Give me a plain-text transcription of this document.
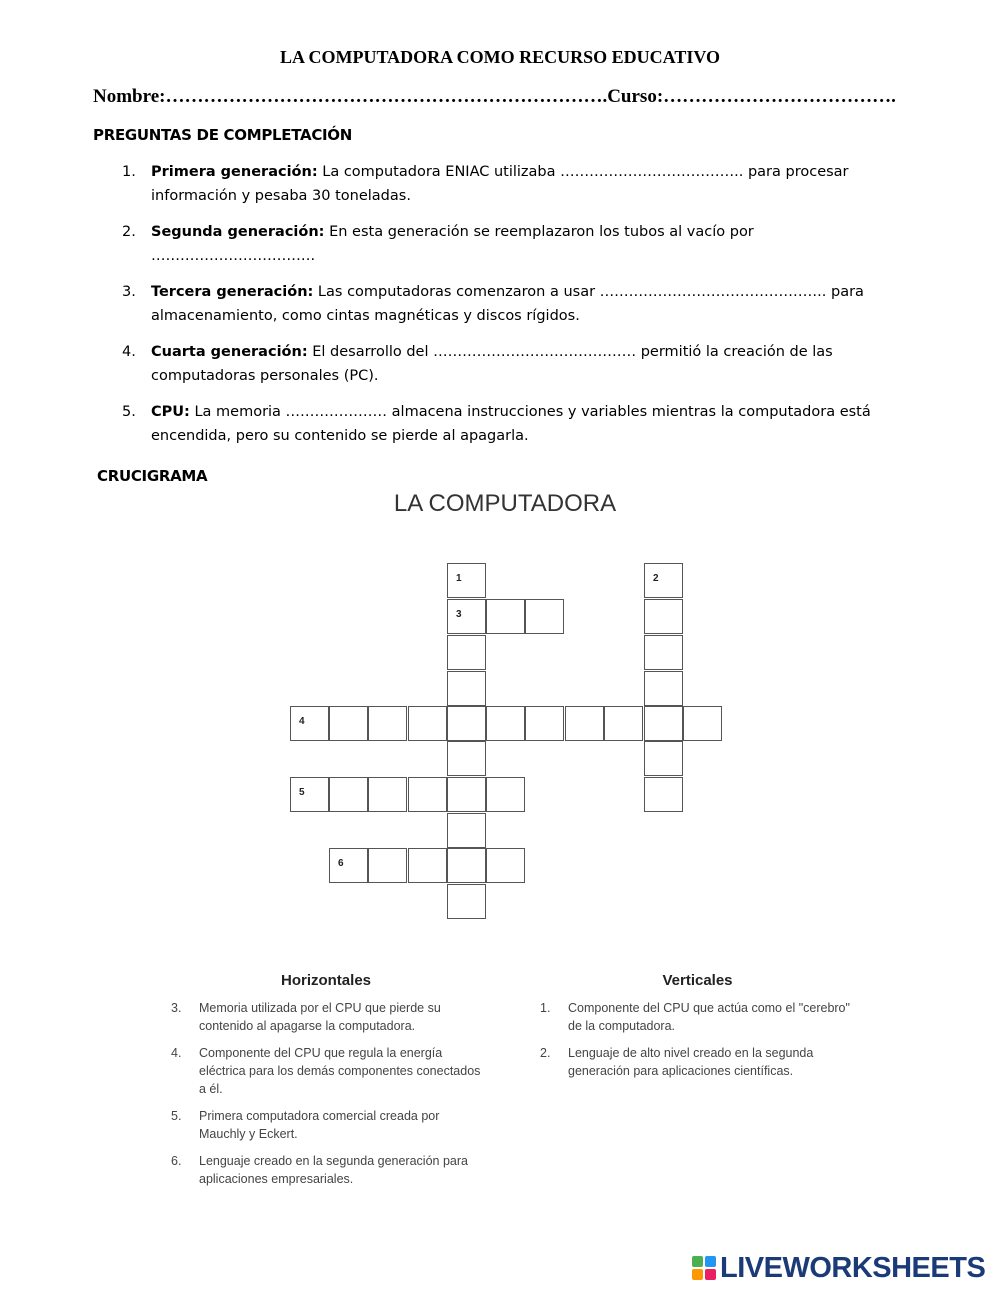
LA COMPUTADORA COMO RECURSO EDUCATIVO
Nombre:…………………………………………………………….Curso:……………………………….
PREGUNTAS DE COMPLETACIÓN
1. Primera generación: La computadora ENIAC utilizaba ……………………………….. para procesar información y pesaba 30 toneladas.
2. Segunda generación: En esta generación se reemplazaron los tubos al vacío por …………………………….
3. Tercera generación: Las computadoras comenzaron a usar ……………………………………….. para almacenamiento, como cintas magnéticas y discos rígidos.
4. Cuarta generación: El desarrollo del …………………………………… permitió la creación de las computadoras personales (PC).
5. CPU: La memoria ………………… almacena instrucciones y variables mientras la computadora está encendida, pero su contenido se pierde al apagarla.
CRUCIGRAMA
LA COMPUTADORA
1	2
3
4
5
6
Horizontales
3. Memoria utilizada por el CPU que pierde su contenido al apagarse la computadora.
4. Componente del CPU que regula la energía eléctrica para los demás componentes conectados a él.
5. Primera computadora comercial creada por Mauchly y Eckert.
6. Lenguaje creado en la segunda generación para aplicaciones empresariales.
Verticales
1. Componente del CPU que actúa como el "cerebro" de la computadora.
2. Lenguaje de alto nivel creado en la segunda generación para aplicaciones científicas.
LIVEWORKSHEETS
